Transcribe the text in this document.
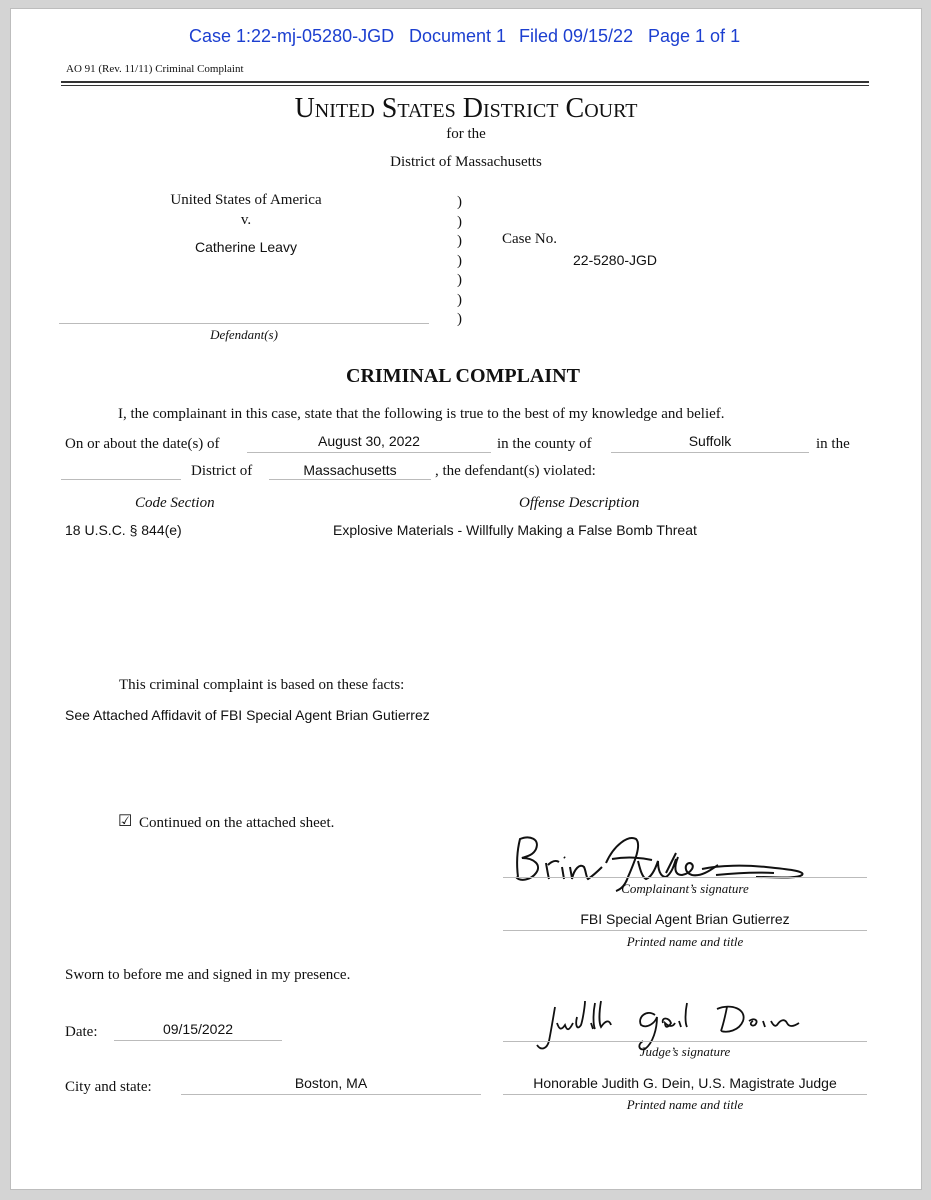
Case 1:22-mj-05280-JGD Document 1 Filed 09/15/22 Page 1 of 1
AO 91 (Rev. 11/11) Criminal Complaint
United States District Court
for the
District of Massachusetts
United States of America
v.
Catherine Leavy
Defendant(s)
)
)
)
)
)
)
)
Case No.
22-5280-JGD
CRIMINAL COMPLAINT
I, the complainant in this case, state that the following is true to the best of my knowledge and belief.
On or about the date(s) of	August 30, 2022	in the county of	Suffolk	in the
District of	Massachusetts	, the defendant(s) violated:
Code Section	Offense Description
18 U.S.C. § 844(e)	Explosive Materials - Willfully Making a False Bomb Threat
This criminal complaint is based on these facts:
See Attached Affidavit of FBI Special Agent Brian Gutierrez
☑ Continued on the attached sheet.
Complainant’s signature
FBI Special Agent Brian Gutierrez
Printed name and title
Sworn to before me and signed in my presence.
Date:	09/15/2022
Judge’s signature
Honorable Judith G. Dein, U.S. Magistrate Judge
Printed name and title
City and state:	Boston, MA
